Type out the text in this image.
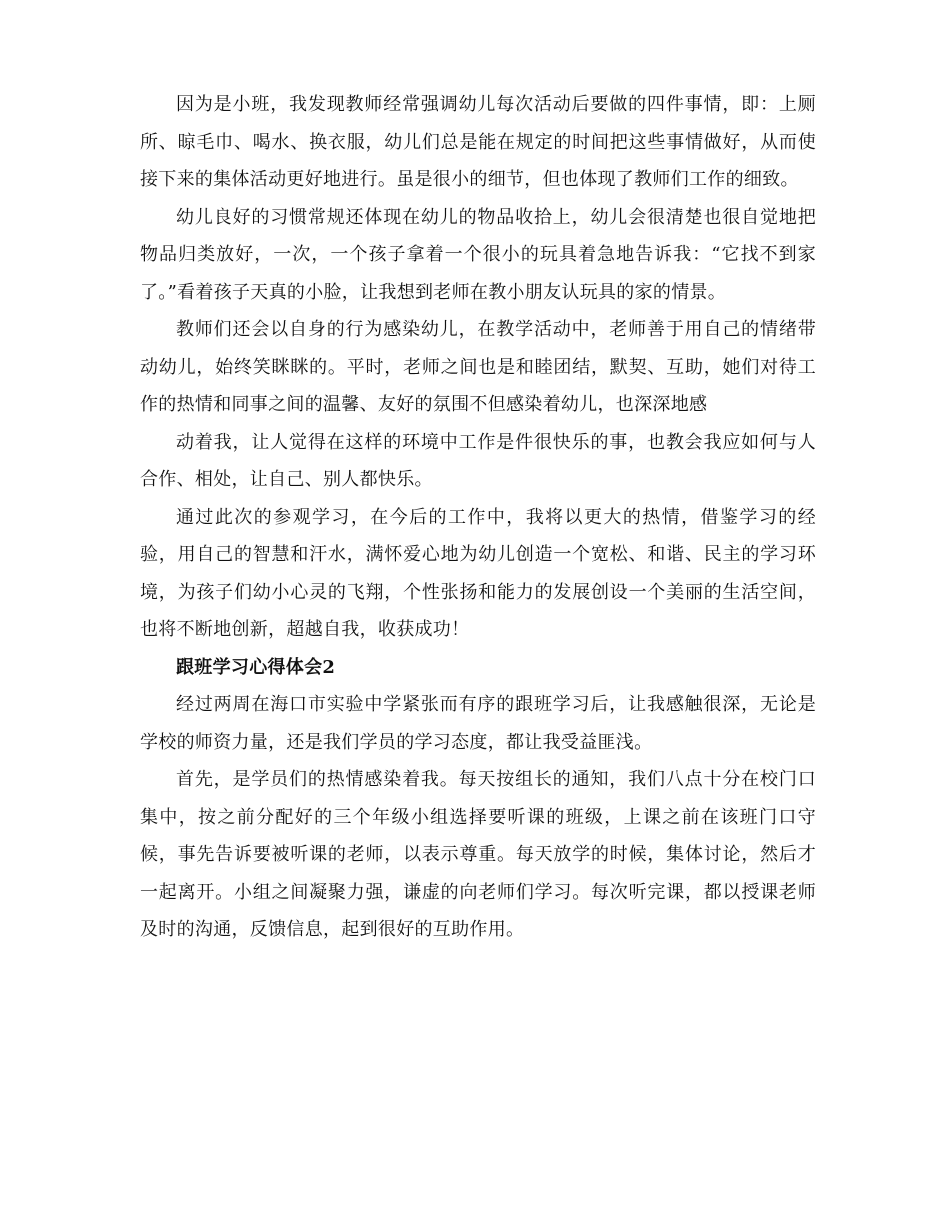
因为是小班，我发现教师经常强调幼儿每次活动后要做的四件事情，即：上厕所、晾毛巾、喝水、换衣服，幼儿们总是能在规定的时间把这些事情做好，从而使接下来的集体活动更好地进行。虽是很小的细节，但也体现了教师们工作的细致。

幼儿良好的习惯常规还体现在幼儿的物品收拾上，幼儿会很清楚也很自觉地把物品归类放好，一次，一个孩子拿着一个很小的玩具着急地告诉我：“它找不到家了。”看着孩子天真的小脸，让我想到老师在教小朋友认玩具的家的情景。

教师们还会以自身的行为感染幼儿，在教学活动中，老师善于用自己的情绪带动幼儿，始终笑眯眯的。平时，老师之间也是和睦团结，默契、互助，她们对待工作的热情和同事之间的温馨、友好的氛围不但感染着幼儿，也深深地感

动着我，让人觉得在这样的环境中工作是件很快乐的事，也教会我应如何与人合作、相处，让自己、别人都快乐。

通过此次的参观学习，在今后的工作中，我将以更大的热情，借鉴学习的经验，用自己的智慧和汗水，满怀爱心地为幼儿创造一个宽松、和谐、民主的学习环境，为孩子们幼小心灵的飞翔，个性张扬和能力的发展创设一个美丽的生活空间，也将不断地创新，超越自我，收获成功！

跟班学习心得体会2

经过两周在海口市实验中学紧张而有序的跟班学习后，让我感触很深，无论是学校的师资力量，还是我们学员的学习态度，都让我受益匪浅。

首先，是学员们的热情感染着我。每天按组长的通知，我们八点十分在校门口集中，按之前分配好的三个年级小组选择要听课的班级，上课之前在该班门口守候，事先告诉要被听课的老师，以表示尊重。每天放学的时候，集体讨论，然后才一起离开。小组之间凝聚力强，谦虚的向老师们学习。每次听完课，都以授课老师及时的沟通，反馈信息，起到很好的互助作用。
